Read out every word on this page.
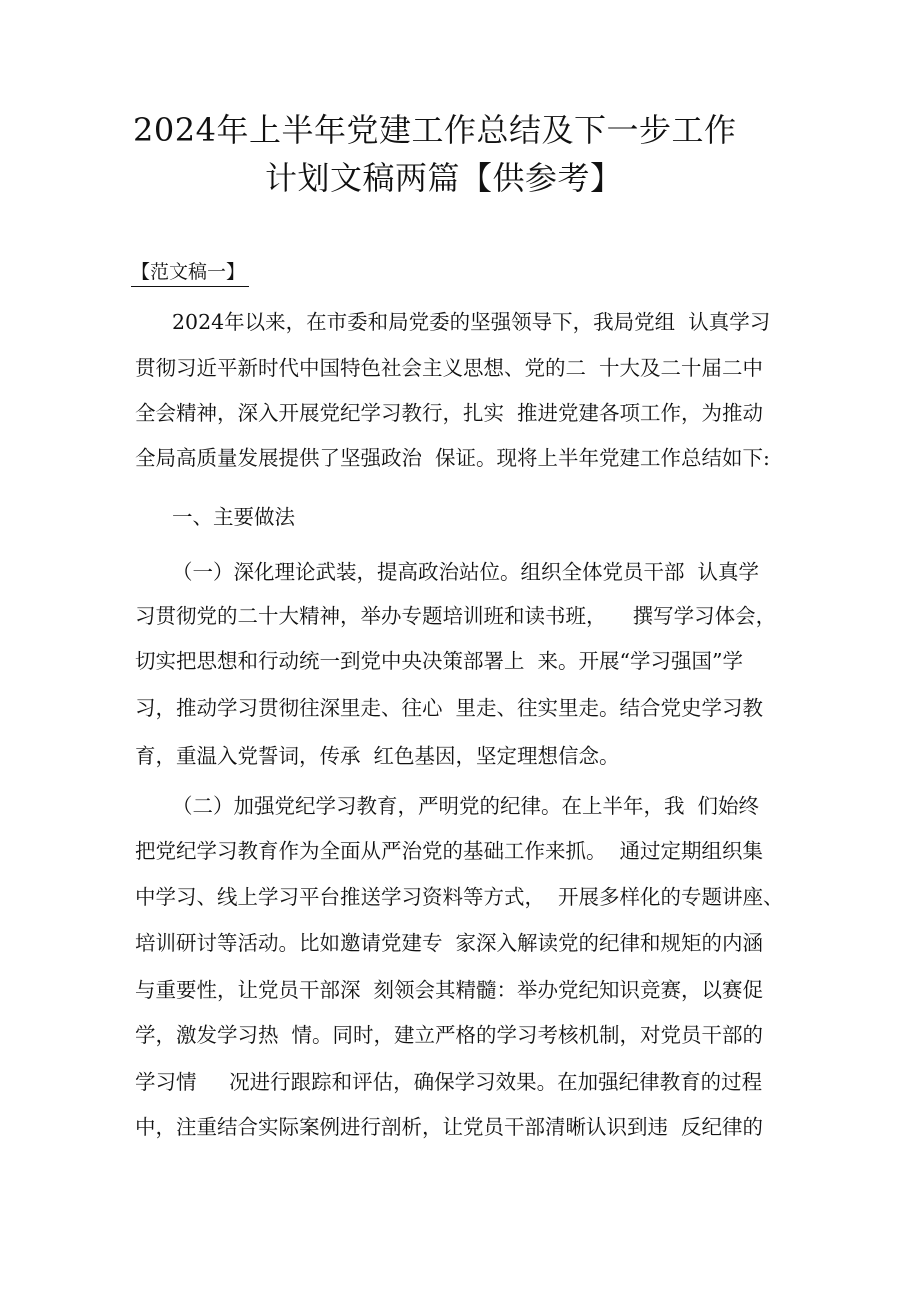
2024年上半年党建工作总结及下一步工作
计划文稿两篇【供参考】
【范文稿一】
2024年以来，在市委和局党委的坚强领导下，我局党组  认真学习
贯彻习近平新时代中国特色社会主义思想、党的二  十大及二十届二中
全会精神，深入开展党纪学习教行，扎实  推进党建各项工作，为推动
全局高质量发展提供了坚强政治  保证。现将上半年党建工作总结如下:
一、主要做法
（一）深化理论武装，提高政治站位。组织全体党员干部  认真学
习贯彻党的二十大精神，举办专题培训班和读书班，    撰写学习体会，
切实把思想和行动统一到党中央决策部署上  来。开展“学习强国”学
习，推动学习贯彻往深里走、往心  里走、往实里走。结合党史学习教
育，重温入党誓词，传承  红色基因，坚定理想信念。
（二）加强党纪学习教育，严明党的纪律。在上半年，我  们始终
把党纪学习教育作为全面从严治党的基础工作来抓。  通过定期组织集
中学习、线上学习平台推送学习资料等方式，  开展多样化的专题讲座、
培训研讨等活动。比如邀请党建专  家深入解读党的纪律和规矩的内涵
与重要性，让党员干部深  刻领会其精髓：举办党纪知识竞赛，以赛促
学，激发学习热  情。同时，建立严格的学习考核机制，对党员干部的
学习情     况进行跟踪和评估，确保学习效果。在加强纪律教育的过程
中，注重结合实际案例进行剖析，让党员干部清晰认识到违  反纪律的
